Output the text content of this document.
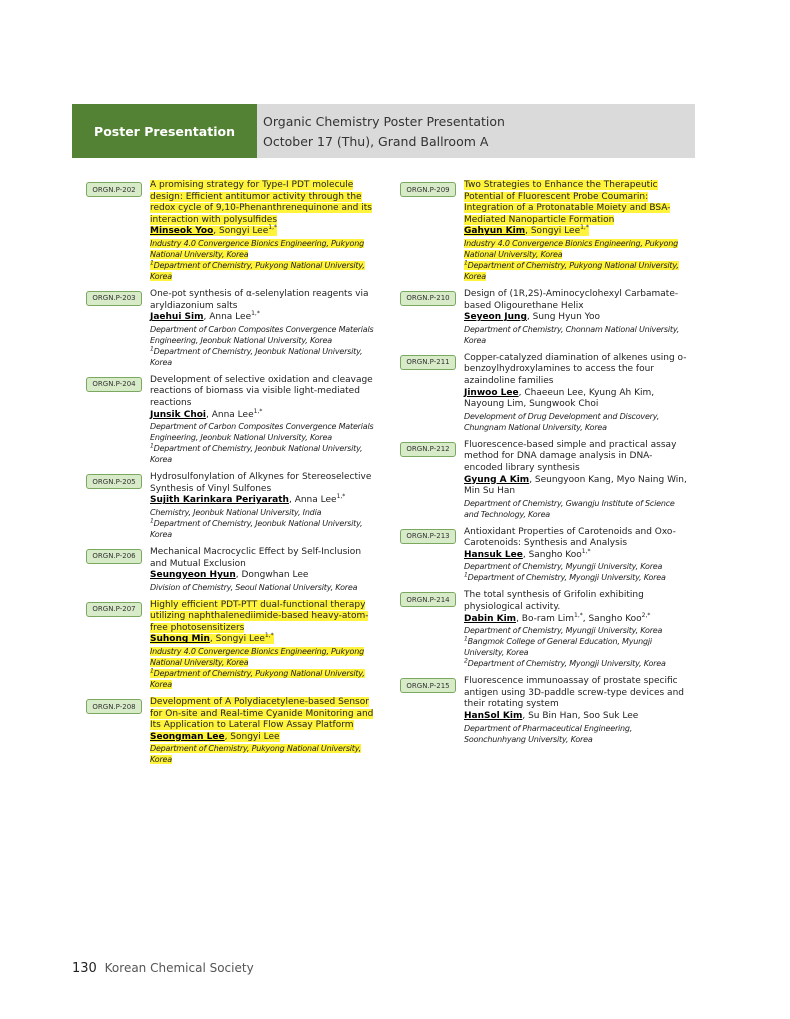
Poster Presentation
Organic Chemistry Poster Presentation
October 17 (Thu), Grand Ballroom A
ORGN.P-202	A promising strategy for Type-I PDT molecule design: Efficient antitumor activity through the redox cycle of 9,10-Phenanthrenequinone and its interaction with polysulfides
Minseok Yoo, Songyi Lee$^{1,*}$
Industry 4.0 Convergence Bionics Engineering, Pukyong National University, Korea
$^1$Department of Chemistry, Pukyong National University, Korea
ORGN.P-203	One-pot synthesis of α-selenylation reagents via aryldiazonium salts
Jaehui Sim, Anna Lee$^{1,*}$
Department of Carbon Composites Convergence Materials Engineering, Jeonbuk National University, Korea
$^1$Department of Chemistry, Jeonbuk National University, Korea
ORGN.P-204	Development of selective oxidation and cleavage reactions of biomass via visible light-mediated reactions
Junsik Choi, Anna Lee$^{1,*}$
Department of Carbon Composites Convergence Materials Engineering, Jeonbuk National University, Korea
$^1$Department of Chemistry, Jeonbuk National University, Korea
ORGN.P-205	Hydrosulfonylation of Alkynes for Stereoselective Synthesis of Vinyl Sulfones
Sujith Karinkara Periyarath, Anna Lee$^{1,*}$
Chemistry, Jeonbuk National University, India
$^1$Department of Chemistry, Jeonbuk National University, Korea
ORGN.P-206	Mechanical Macrocyclic Effect by Self-Inclusion and Mutual Exclusion
Seungyeon Hyun, Dongwhan Lee
Division of Chemistry, Seoul National University, Korea
ORGN.P-207	Highly efficient PDT-PTT dual-functional therapy utilizing naphthalenediimide-based heavy-atom-free photosensitizers
Suhong Min, Songyi Lee$^{1,*}$
Industry 4.0 Convergence Bionics Engineering, Pukyong National University, Korea
$^1$Department of Chemistry, Pukyong National University, Korea
ORGN.P-208	Development of A Polydiacetylene-based Sensor for On-site and Real-time Cyanide Monitoring and Its Application to Lateral Flow Assay Platform
Seongman Lee, Songyi Lee
Department of Chemistry, Pukyong National University, Korea
ORGN.P-209	Two Strategies to Enhance the Therapeutic Potential of Fluorescent Probe Coumarin: Integration of a Protonatable Moiety and BSA-Mediated Nanoparticle Formation
Gahyun Kim, Songyi Lee$^{1,*}$
Industry 4.0 Convergence Bionics Engineering, Pukyong National University, Korea
$^1$Department of Chemistry, Pukyong National University, Korea
ORGN.P-210	Design of (1R,2S)-Aminocyclohexyl Carbamate-based Oligourethane Helix
Seyeon Jung, Sung Hyun Yoo
Department of Chemistry, Chonnam National University, Korea
ORGN.P-211	Copper-catalyzed diamination of alkenes using o-benzoylhydroxylamines to access the four azaindoline families
Jinwoo Lee, Chaeeun Lee, Kyung Ah Kim, Nayoung Lim, Sungwook Choi
Development of Drug Development and Discovery, Chungnam National University, Korea
ORGN.P-212	Fluorescence-based simple and practical assay method for DNA damage analysis in DNA-encoded library synthesis
Gyung A Kim, Seungyoon Kang, Myo Naing Win, Min Su Han
Department of Chemistry, Gwangju Institute of Science and Technology, Korea
ORGN.P-213	Antioxidant Properties of Carotenoids and Oxo-Carotenoids: Synthesis and Analysis
Hansuk Lee, Sangho Koo$^{1,*}$
Department of Chemistry, Myungji University, Korea
$^1$Department of Chemistry, Myongji University, Korea
ORGN.P-214	The total synthesis of Grifolin exhibiting physiological activity.
Dabin Kim, Bo-ram Lim$^{1,*}$, Sangho Koo$^{2,*}$
Department of Chemistry, Myungji University, Korea
$^1$Bangmok College of General Education, Myungji University, Korea
$^2$Department of Chemistry, Myongji University, Korea
ORGN.P-215	Fluorescence immunoassay of prostate specific antigen using 3D-paddle screw-type devices and their rotating system
HanSol Kim, Su Bin Han, Soo Suk Lee
Department of Pharmaceutical Engineering, Soonchunhyang University, Korea
130 Korean Chemical Society
